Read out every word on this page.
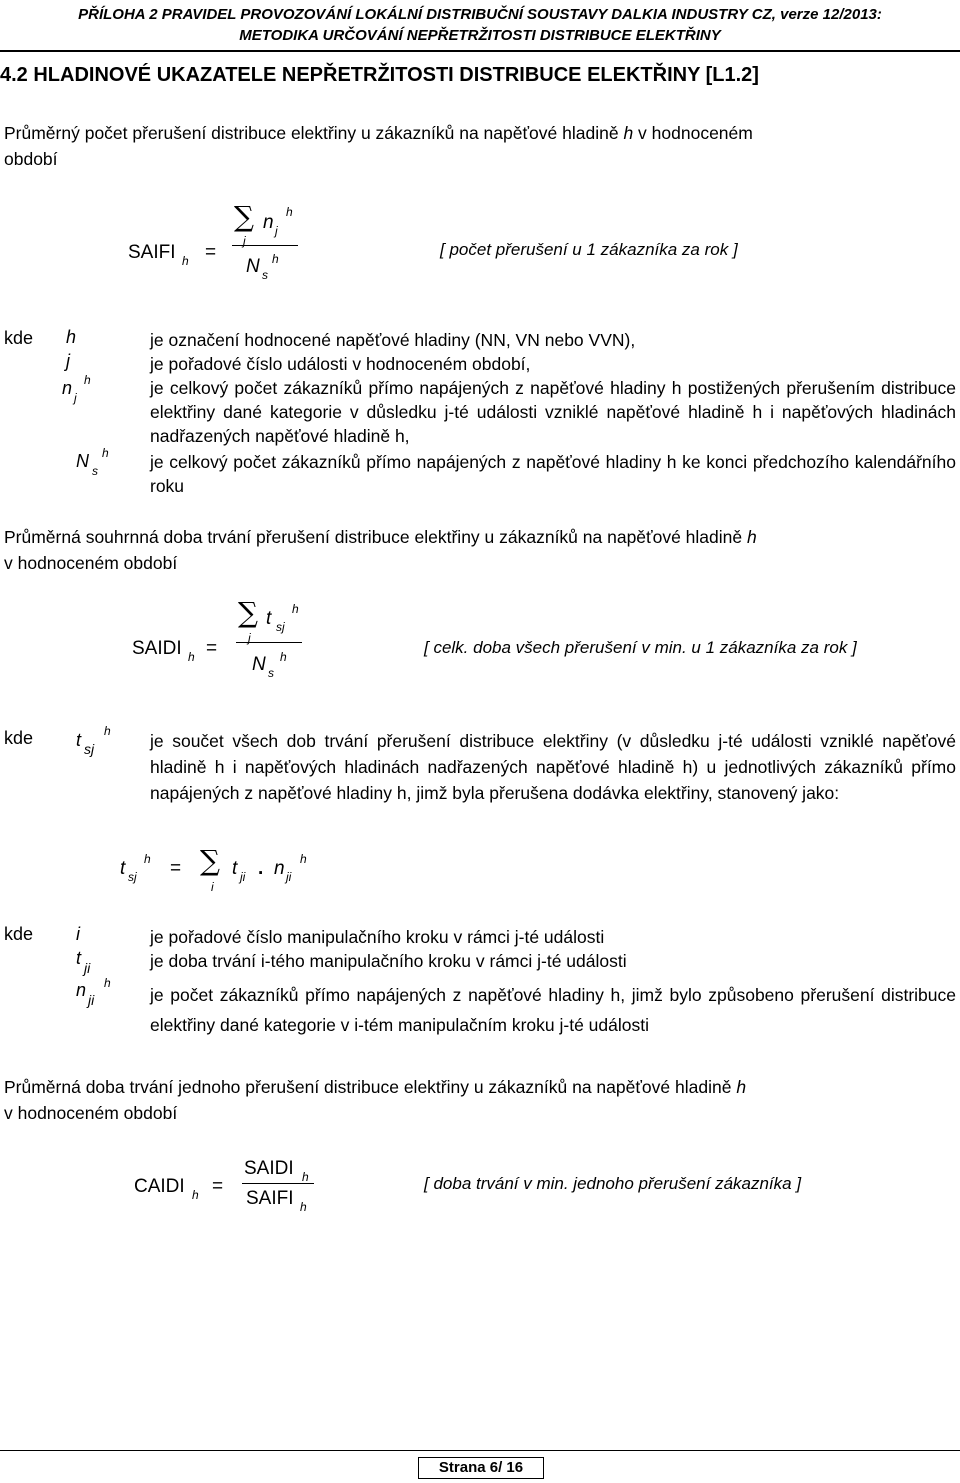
PŘÍLOHA 2 PRAVIDEL PROVOZOVÁNÍ LOKÁLNÍ DISTRIBUČNÍ SOUSTAVY DALKIA INDUSTRY CZ, verze 12/2013:
METODIKA URČOVÁNÍ NEPŘETRŽITOSTI DISTRIBUCE ELEKTŘINY
4.2 HLADINOVÉ UKAZATELE NEPŘETRŽITOSTI DISTRIBUCE ELEKTŘINY [L1.2]
Průměrný počet přerušení distribuce elektřiny u zákazníků na napěťové hladině h v hodnoceném
období
SAIFI h =
∑
j
n j
h
N s
h	[ počet přerušení u 1 zákazníka za rok ]
kde h	je označení hodnocené napěťové hladiny (NN, VN nebo VVN),
j	je pořadové číslo události v hodnoceném období,
n j
h	je celkový počet zákazníků přímo napájených z napěťové hladiny h postižených přerušením distribuce elektřiny dané kategorie v důsledku j-té události vzniklé napěťové hladině h i napěťových hladinách nadřazených napěťové hladině h,
N s
h je celkový počet zákazníků přímo napájených z napěťové hladiny h ke konci předchozího kalendářního roku
Průměrná souhrnná doba trvání přerušení distribuce elektřiny u zákazníků na napěťové hladině h
v hodnoceném období
SAIDI h =
∑
j
t sj
h
N s
h	[ celk. doba všech přerušení v min. u 1 zákazníka za rok ]
kde t sj
h je součet všech dob trvání přerušení distribuce elektřiny (v důsledku j-té události vzniklé napěťové hladině h i napěťových hladinách nadřazených napěťové hladině h) u jednotlivých zákazníků přímo napájených z napěťové hladiny h, jimž byla přerušena dodávka elektřiny, stanovený jako:
t sj
h = ∑
i
t ji . n ji
h
kde i	je pořadové číslo manipulačního kroku v rámci j-té události
t ji	je doba trvání i-tého manipulačního kroku v rámci j-té události
n ji
h
je počet zákazníků přímo napájených z napěťové hladiny h, jimž bylo způsobeno přerušení distribuce elektřiny dané kategorie v i-tém manipulačním kroku j-té události
Průměrná doba trvání jednoho přerušení distribuce elektřiny u zákazníků na napěťové hladině h
v hodnoceném období
CAIDI h =
SAIDI h
SAIFI h
[ doba trvání v min. jednoho přerušení zákazníka ]
Strana 6/ 16
